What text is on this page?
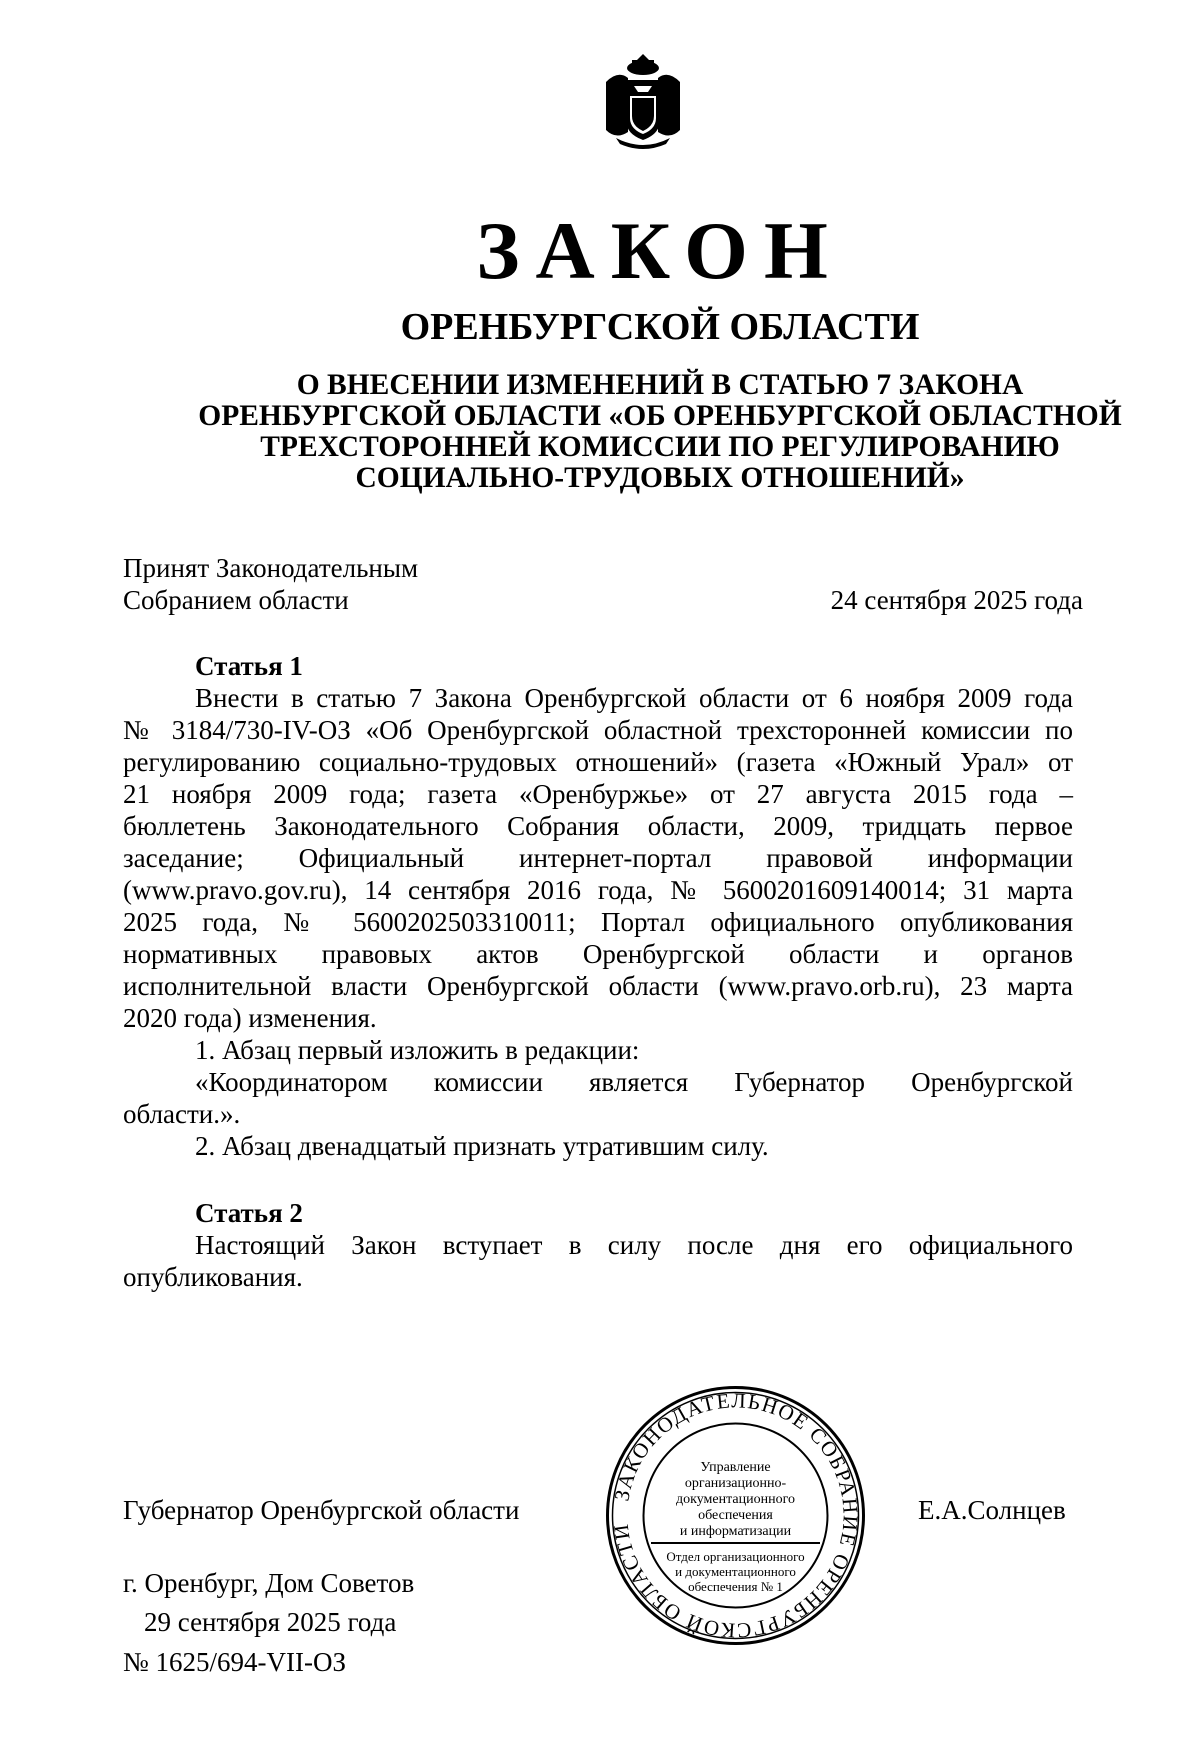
ЗАКОН
ОРЕНБУРГСКОЙ ОБЛАСТИ
О ВНЕСЕНИИ ИЗМЕНЕНИЙ В СТАТЬЮ 7 ЗАКОНА
ОРЕНБУРГСКОЙ ОБЛАСТИ «ОБ ОРЕНБУРГСКОЙ ОБЛАСТНОЙ
ТРЕХСТОРОННЕЙ КОМИССИИ ПО РЕГУЛИРОВАНИЮ
СОЦИАЛЬНО-ТРУДОВЫХ ОТНОШЕНИЙ»
Принят Законодательным
Собранием области	24 сентября 2025 года
Статья 1
Внести в статью 7 Закона Оренбургской области от 6 ноября 2009 года
№ 3184/730-IV-ОЗ «Об Оренбургской областной трехсторонней комиссии по
регулированию социально-трудовых отношений» (газета «Южный Урал» от
21 ноября 2009 года; газета «Оренбуржье» от 27 августа 2015 года –
бюллетень Законодательного Собрания области, 2009, тридцать первое
заседание; Официальный интернет-портал правовой информации
(www.pravo.gov.ru), 14 сентября 2016 года, № 5600201609140014; 31 марта
2025 года, № 5600202503310011; Портал официального опубликования
нормативных правовых актов Оренбургской области и органов
исполнительной власти Оренбургской области (www.pravo.orb.ru), 23 марта
2020 года) изменения.
1. Абзац первый изложить в редакции:
«Координатором комиссии является Губернатор Оренбургской
области.».
2. Абзац двенадцатый признать утратившим силу.
Статья 2
Настоящий Закон вступает в силу после дня его официального
опубликования.
Губернатор Оренбургской области	Е.А.Солнцев
г. Оренбург, Дом Советов
29 сентября 2025 года
№ 1625/694-VII-ОЗ
ЗАКОНОДАТЕЛЬНОЕ СОБРАНИЕ ОРЕНБУРГСКОЙ ОБЛАСТИ
Управление
организационно-
документационного
обеспечения
и информатизации
Отдел организационного
и документационного
обеспечения № 1
